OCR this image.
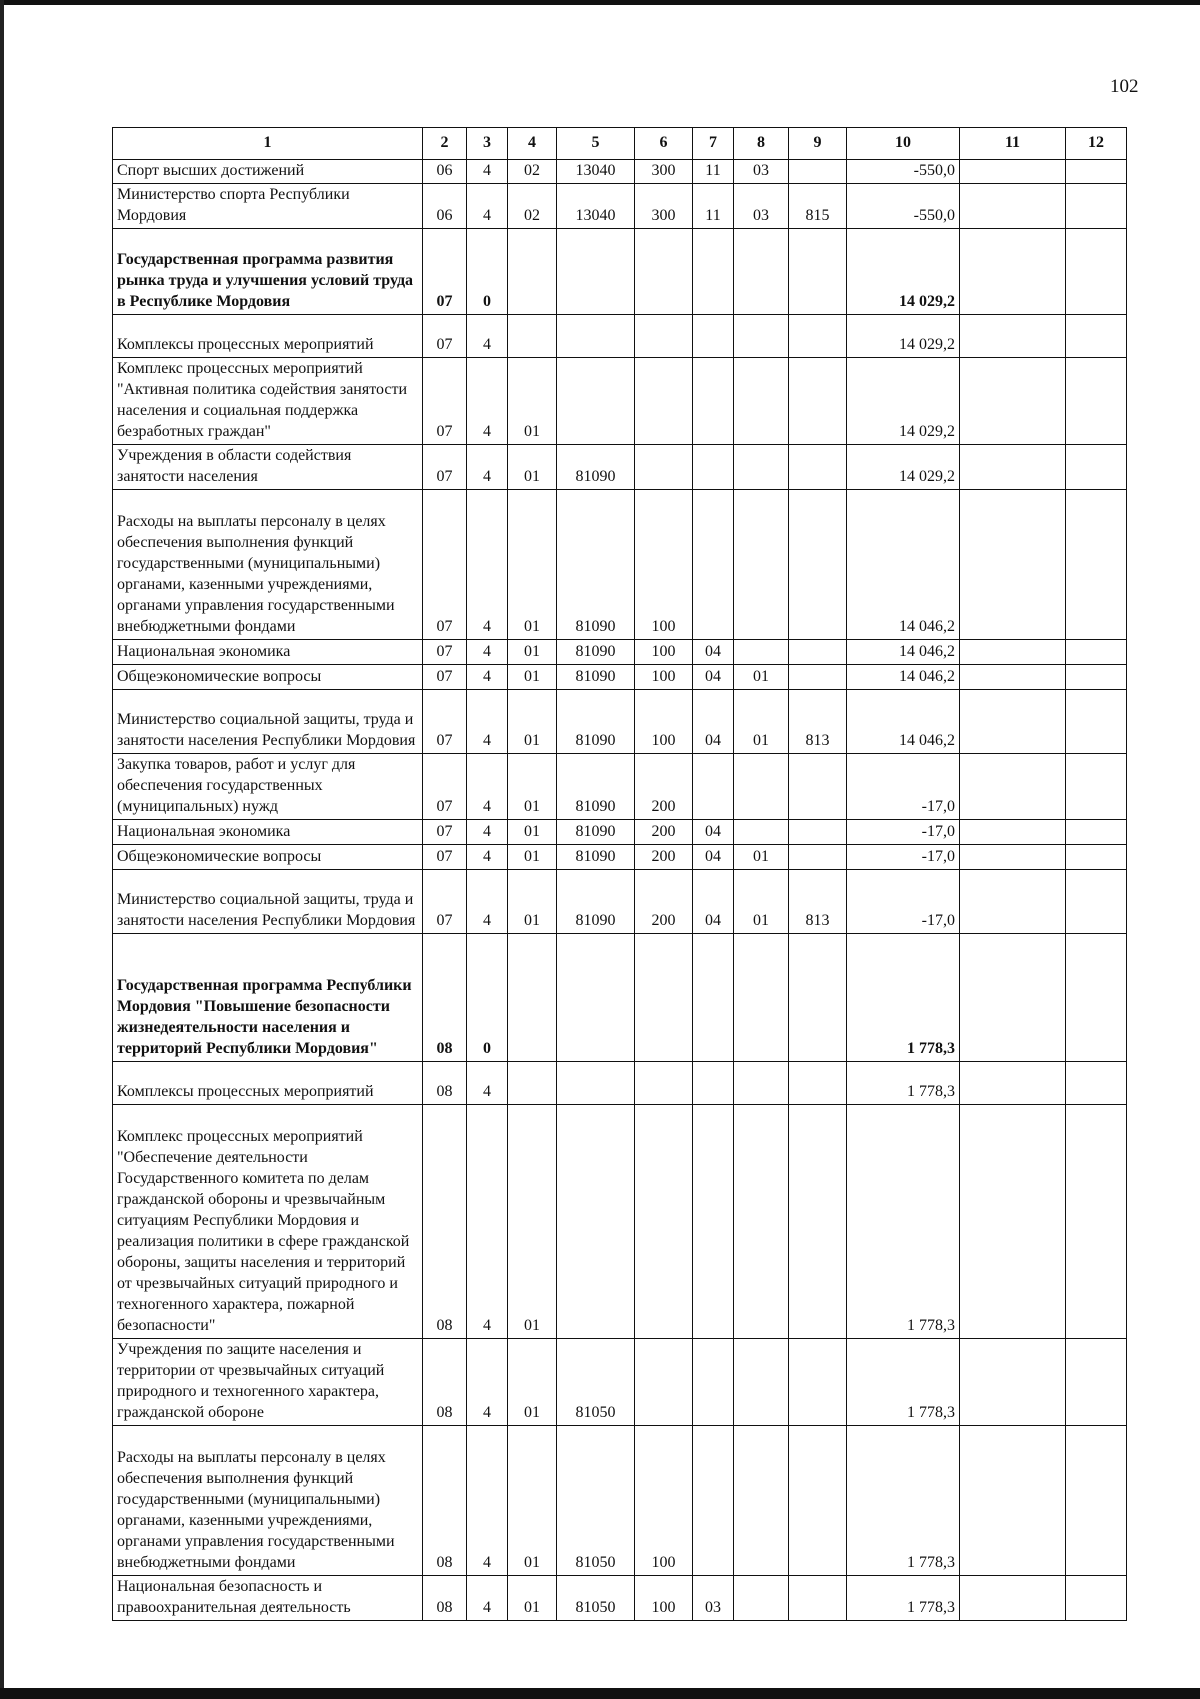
102
1	2	3	4	5	6	7	8	9	10	11	12
Спорт высших достижений	06	4	02	13040	300	11	03		-550,0		
Министерство спорта Республики Мордовия	06	4	02	13040	300	11	03	815	-550,0		
Государственная программа развития рынка труда и улучшения условий труда в Республике Мордовия	07	0							14 029,2		
Комплексы процессных мероприятий	07	4							14 029,2		
Комплекс процессных мероприятий "Активная политика содействия занятости населения и социальная поддержка безработных граждан"	07	4	01						14 029,2		
Учреждения в области содействия занятости населения	07	4	01	81090					14 029,2		
Расходы на выплаты персоналу в целях обеспечения выполнения функций государственными (муниципальными) органами, казенными учреждениями, органами управления государственными внебюджетными фондами	07	4	01	81090	100				14 046,2		
Национальная экономика	07	4	01	81090	100	04			14 046,2		
Общеэкономические вопросы	07	4	01	81090	100	04	01		14 046,2		
Министерство социальной защиты, труда и занятости населения Республики Мордовия	07	4	01	81090	100	04	01	813	14 046,2		
Закупка товаров, работ и услуг для обеспечения государственных (муниципальных) нужд	07	4	01	81090	200				-17,0		
Национальная экономика	07	4	01	81090	200	04			-17,0		
Общеэкономические вопросы	07	4	01	81090	200	04	01		-17,0		
Министерство социальной защиты, труда и занятости населения Республики Мордовия	07	4	01	81090	200	04	01	813	-17,0		
Государственная программа Республики Мордовия "Повышение безопасности жизнедеятельности населения и территорий Республики Мордовия"	08	0							1 778,3		
Комплексы процессных мероприятий	08	4							1 778,3		
Комплекс процессных мероприятий "Обеспечение деятельности Государственного комитета по делам гражданской обороны и чрезвычайным ситуациям Республики Мордовия и реализация политики в сфере гражданской обороны, защиты населения и территорий от чрезвычайных ситуаций природного и техногенного характера, пожарной безопасности"	08	4	01						1 778,3		
Учреждения по защите населения и территории от чрезвычайных ситуаций природного и техногенного характера, гражданской обороне	08	4	01	81050					1 778,3		
Расходы на выплаты персоналу в целях обеспечения выполнения функций государственными (муниципальными) органами, казенными учреждениями, органами управления государственными внебюджетными фондами	08	4	01	81050	100				1 778,3		
Национальная безопасность и правоохранительная деятельность	08	4	01	81050	100	03			1 778,3		
